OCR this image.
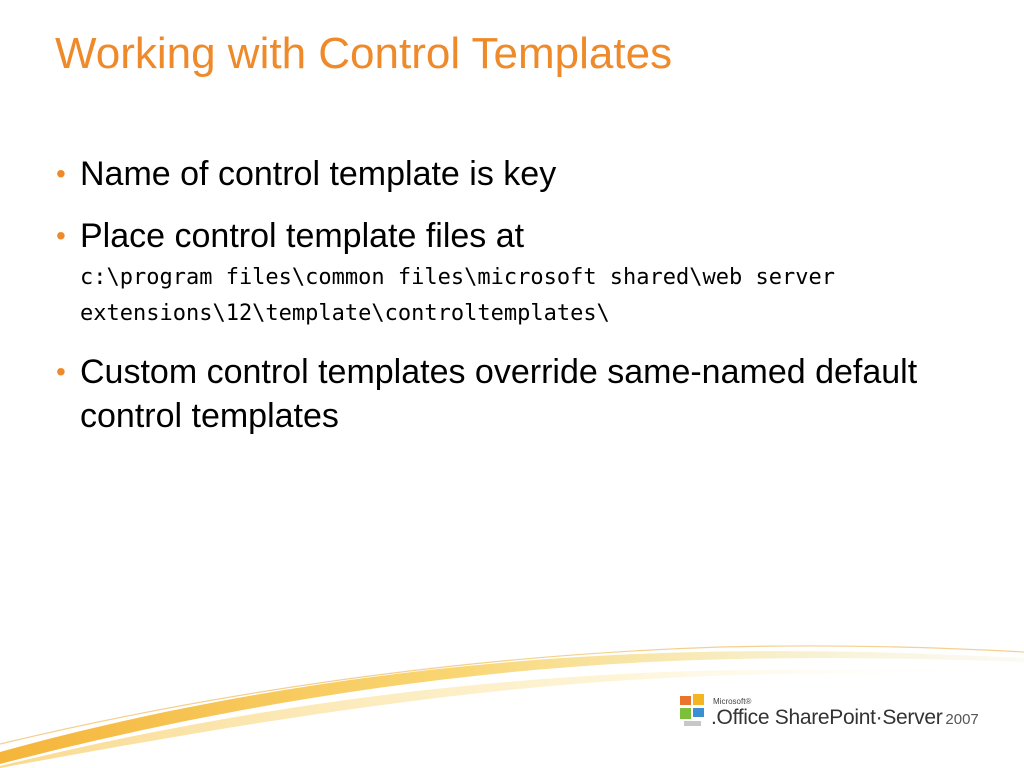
Working with Control Templates
• Name of control template is key
• Place control template files at
c:\program files\common files\microsoft shared\web server extensions\12\template\controltemplates\
• Custom control templates override same-named default control templates
Microsoft®
.Office SharePoint·Server 2007
